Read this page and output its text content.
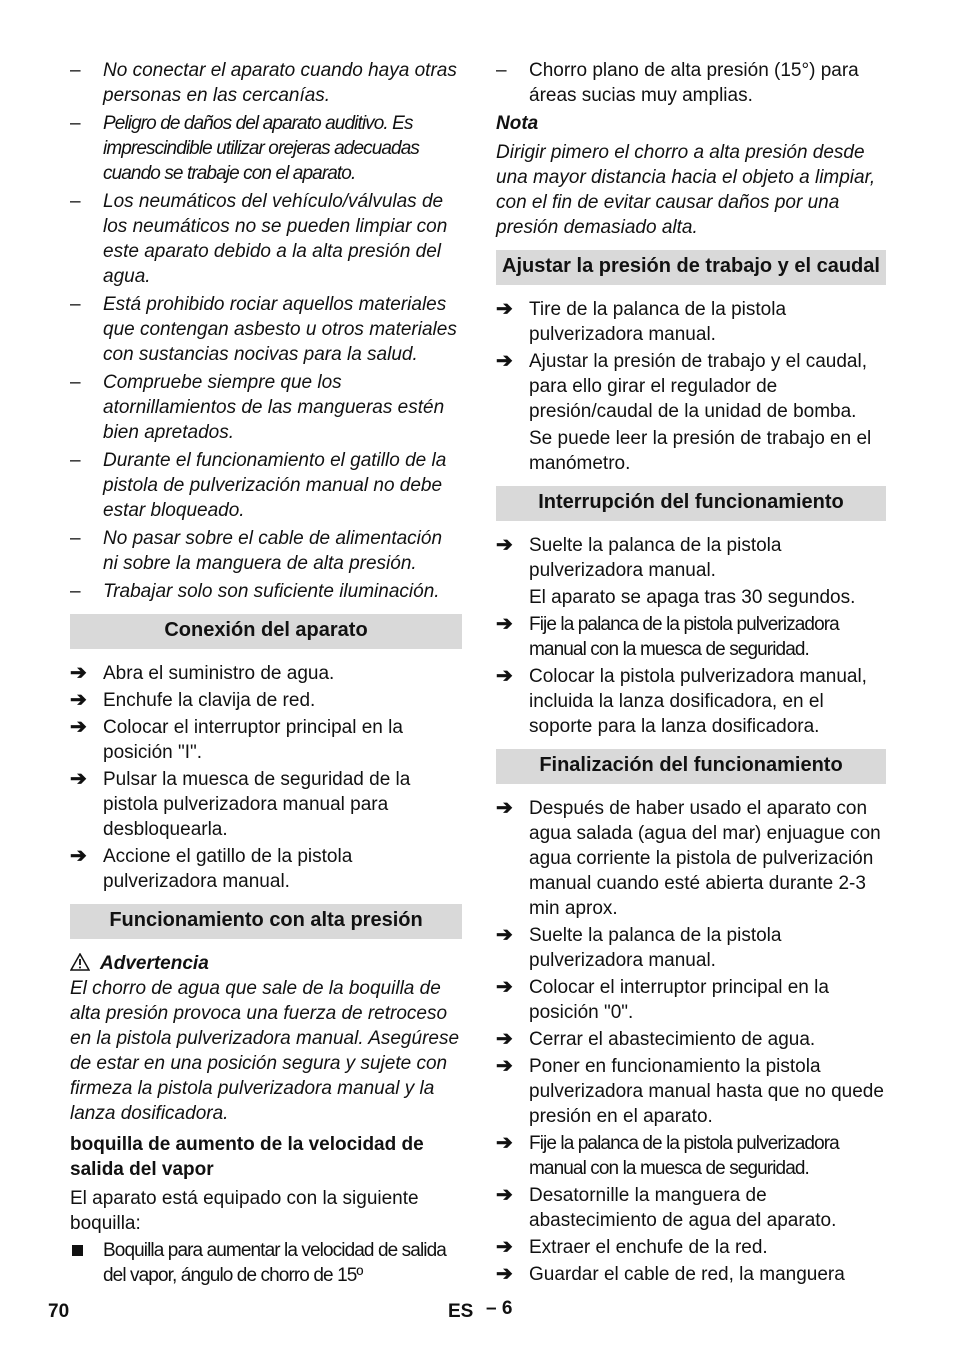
– No conectar el aparato cuando haya otras personas en las cercanías.
– Peligro de daños del aparato auditivo. Es imprescindible utilizar orejeras adecuadas cuando se trabaje con el aparato.
– Los neumáticos del vehículo/válvulas de los neumáticos no se pueden limpiar con este aparato debido a la alta presión del agua.
– Está prohibido rociar aquellos materiales que contengan asbesto u otros materiales con sustancias nocivas para la salud.
– Compruebe siempre que los atornillamientos de las mangueras estén bien apretados.
– Durante el funcionamiento el gatillo de la pistola de pulverización manual no debe estar bloqueado.
– No pasar sobre el cable de alimentación ni sobre la manguera de alta presión.
– Trabajar solo son suficiente iluminación.
Conexión del aparato
➔ Abra el suministro de agua.
➔ Enchufe la clavija de red.
➔ Colocar el interruptor principal en la posición "I".
➔ Pulsar la muesca de seguridad de la pistola pulverizadora manual para desbloquearla.
➔ Accione el gatillo de la pistola pulverizadora manual.
Funcionamiento con alta presión
Advertencia
El chorro de agua que sale de la boquilla de alta presión provoca una fuerza de retroceso en la pistola pulverizadora manual. Asegúrese de estar en una posición segura y sujete con firmeza la pistola pulverizadora manual y la lanza dosificadora.
boquilla de aumento de la velocidad de salida del vapor
El aparato está equipado con la siguiente boquilla:
Boquilla para aumentar la velocidad de salida del vapor, ángulo de chorro de 15º
– Chorro plano de alta presión (15°) para áreas sucias muy amplias.
Nota
Dirigir pimero el chorro a alta presión desde una mayor distancia hacia el objeto a limpiar, con el fin de evitar causar daños por una presión demasiado alta.
Ajustar la presión de trabajo y el caudal
➔ Tire de la palanca de la pistola pulverizadora manual.
➔ Ajustar la presión de trabajo y el caudal, para ello girar el regulador de presión/caudal de la unidad de bomba.
Se puede leer la presión de trabajo en el manómetro.
Interrupción del funcionamiento
➔ Suelte la palanca de la pistola pulverizadora manual.
El aparato se apaga tras 30 segundos.
➔ Fije la palanca de la pistola pulverizadora manual con la muesca de seguridad.
➔ Colocar la pistola pulverizadora manual, incluida la lanza dosificadora, en el soporte para la lanza dosificadora.
Finalización del funcionamiento
➔ Después de haber usado el aparato con agua salada (agua del mar) enjuague con agua corriente la pistola de pulverización manual cuando esté abierta durante 2-3 min aprox.
➔ Suelte la palanca de la pistola pulverizadora manual.
➔ Colocar el interruptor principal en la posición "0".
➔ Cerrar el abastecimiento de agua.
➔ Poner en funcionamiento la pistola pulverizadora manual hasta que no quede presión en el aparato.
➔ Fije la palanca de la pistola pulverizadora manual con la muesca de seguridad.
➔ Desatornille la manguera de abastecimiento de agua del aparato.
➔ Extraer el enchufe de la red.
➔ Guardar el cable de red, la manguera
70	ES – 6
